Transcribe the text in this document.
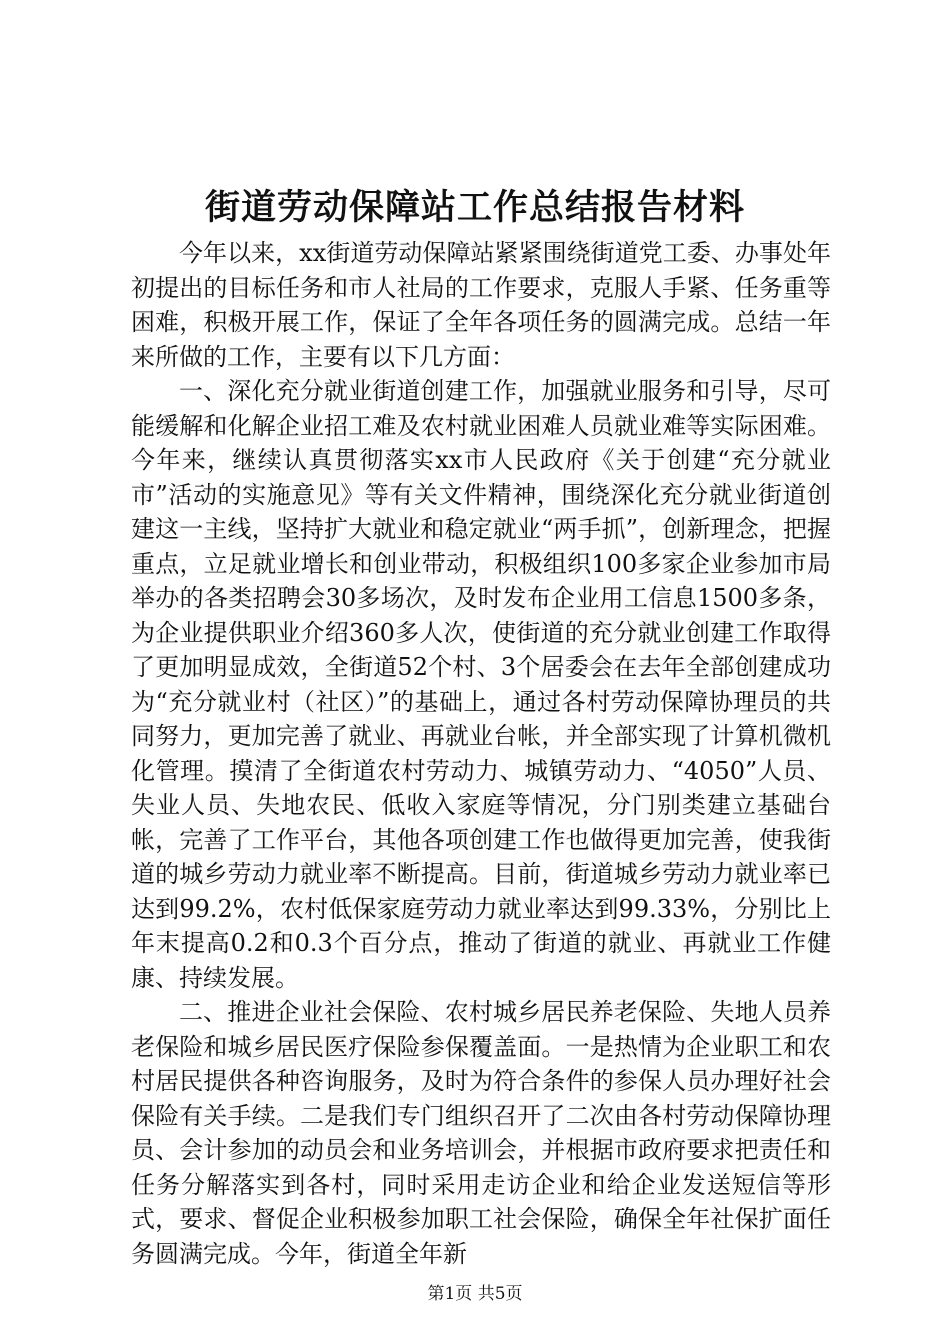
街道劳动保障站工作总结报告材料

今年以来，xx街道劳动保障站紧紧围绕街道党工委、办事处年初提出的目标任务和市人社局的工作要求，克服人手紧、任务重等困难，积极开展工作，保证了全年各项任务的圆满完成。总结一年来所做的工作，主要有以下几方面：

一、深化充分就业街道创建工作，加强就业服务和引导，尽可能缓解和化解企业招工难及农村就业困难人员就业难等实际困难。今年来，继续认真贯彻落实xx市人民政府《关于创建“充分就业市”活动的实施意见》等有关文件精神，围绕深化充分就业街道创建这一主线，坚持扩大就业和稳定就业“两手抓”，创新理念，把握重点，立足就业增长和创业带动，积极组织100多家企业参加市局举办的各类招聘会30多场次，及时发布企业用工信息1500多条，为企业提供职业介绍360多人次，使街道的充分就业创建工作取得了更加明显成效，全街道52个村、3个居委会在去年全部创建成功为“充分就业村（社区）”的基础上，通过各村劳动保障协理员的共同努力，更加完善了就业、再就业台帐，并全部实现了计算机微机化管理。摸清了全街道农村劳动力、城镇劳动力、“4050”人员、失业人员、失地农民、低收入家庭等情况，分门别类建立基础台帐，完善了工作平台，其他各项创建工作也做得更加完善，使我街道的城乡劳动力就业率不断提高。目前，街道城乡劳动力就业率已达到99.2%，农村低保家庭劳动力就业率达到99.33%，分别比上年末提高0.2和0.3个百分点，推动了街道的就业、再就业工作健康、持续发展。

二、推进企业社会保险、农村城乡居民养老保险、失地人员养老保险和城乡居民医疗保险参保覆盖面。一是热情为企业职工和农村居民提供各种咨询服务，及时为符合条件的参保人员办理好社会保险有关手续。二是我们专门组织召开了二次由各村劳动保障协理员、会计参加的动员会和业务培训会，并根据市政府要求把责任和任务分解落实到各村，同时采用走访企业和给企业发送短信等形式，要求、督促企业积极参加职工社会保险，确保全年社保扩面任务圆满完成。今年，街道全年新

第1页 共5页
